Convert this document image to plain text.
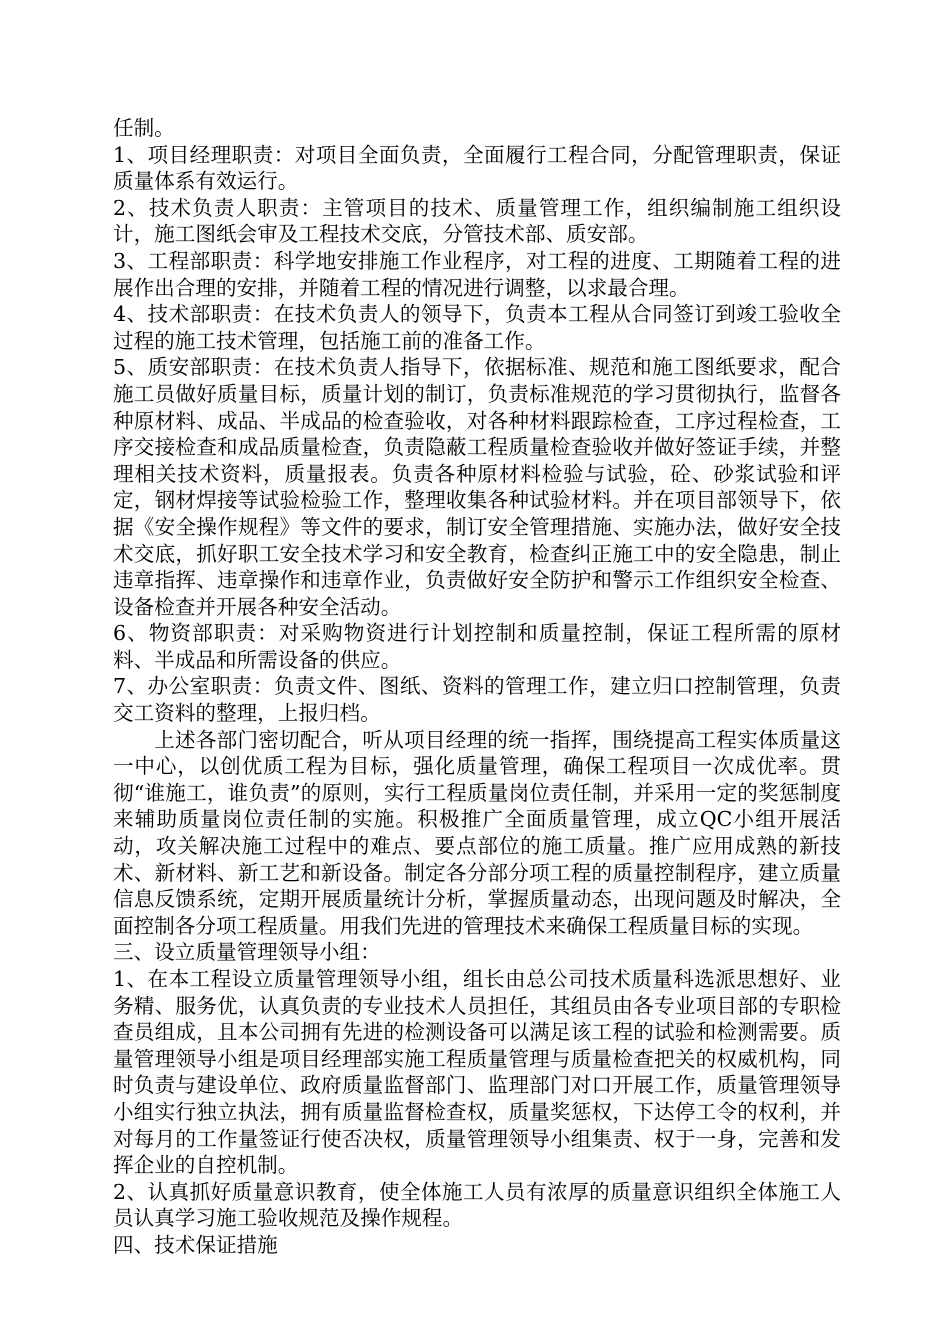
任制。

1、项目经理职责：对项目全面负责，全面履行工程合同，分配管理职责，保证质量体系有效运行。

2、技术负责人职责：主管项目的技术、质量管理工作，组织编制施工组织设计，施工图纸会审及工程技术交底，分管技术部、质安部。

3、工程部职责：科学地安排施工作业程序，对工程的进度、工期随着工程的进展作出合理的安排，并随着工程的情况进行调整，以求最合理。

4、技术部职责：在技术负责人的领导下，负责本工程从合同签订到竣工验收全过程的施工技术管理，包括施工前的准备工作。

5、质安部职责：在技术负责人指导下，依据标准、规范和施工图纸要求，配合施工员做好质量目标，质量计划的制订，负责标准规范的学习贯彻执行，监督各种原材料、成品、半成品的检查验收，对各种材料跟踪检查，工序过程检查，工序交接检查和成品质量检查，负责隐蔽工程质量检查验收并做好签证手续，并整理相关技术资料，质量报表。负责各种原材料检验与试验，砼、砂浆试验和评定，钢材焊接等试验检验工作，整理收集各种试验材料。并在项目部领导下，依据《安全操作规程》等文件的要求，制订安全管理措施、实施办法，做好安全技术交底，抓好职工安全技术学习和安全教育，检查纠正施工中的安全隐患，制止违章指挥、违章操作和违章作业，负责做好安全防护和警示工作组织安全检查、设备检查并开展各种安全活动。

6、物资部职责：对采购物资进行计划控制和质量控制，保证工程所需的原材料、半成品和所需设备的供应。

7、办公室职责：负责文件、图纸、资料的管理工作，建立归口控制管理，负责交工资料的整理，上报归档。

上述各部门密切配合，听从项目经理的统一指挥，围绕提高工程实体质量这一中心，以创优质工程为目标，强化质量管理，确保工程项目一次成优率。贯彻“谁施工，谁负责”的原则，实行工程质量岗位责任制，并采用一定的奖惩制度来辅助质量岗位责任制的实施。积极推广全面质量管理，成立QC小组开展活动，攻关解决施工过程中的难点、要点部位的施工质量。推广应用成熟的新技术、新材料、新工艺和新设备。制定各分部分项工程的质量控制程序，建立质量信息反馈系统，定期开展质量统计分析，掌握质量动态，出现问题及时解决，全面控制各分项工程质量。用我们先进的管理技术来确保工程质量目标的实现。

三、设立质量管理领导小组：

1、在本工程设立质量管理领导小组，组长由总公司技术质量科选派思想好、业务精、服务优，认真负责的专业技术人员担任，其组员由各专业项目部的专职检查员组成，且本公司拥有先进的检测设备可以满足该工程的试验和检测需要。质量管理领导小组是项目经理部实施工程质量管理与质量检查把关的权威机构，同时负责与建设单位、政府质量监督部门、监理部门对口开展工作，质量管理领导小组实行独立执法，拥有质量监督检查权，质量奖惩权，下达停工令的权利，并对每月的工作量签证行使否决权，质量管理领导小组集责、权于一身，完善和发挥企业的自控机制。

2、认真抓好质量意识教育，使全体施工人员有浓厚的质量意识组织全体施工人员认真学习施工验收规范及操作规程。

四、技术保证措施
